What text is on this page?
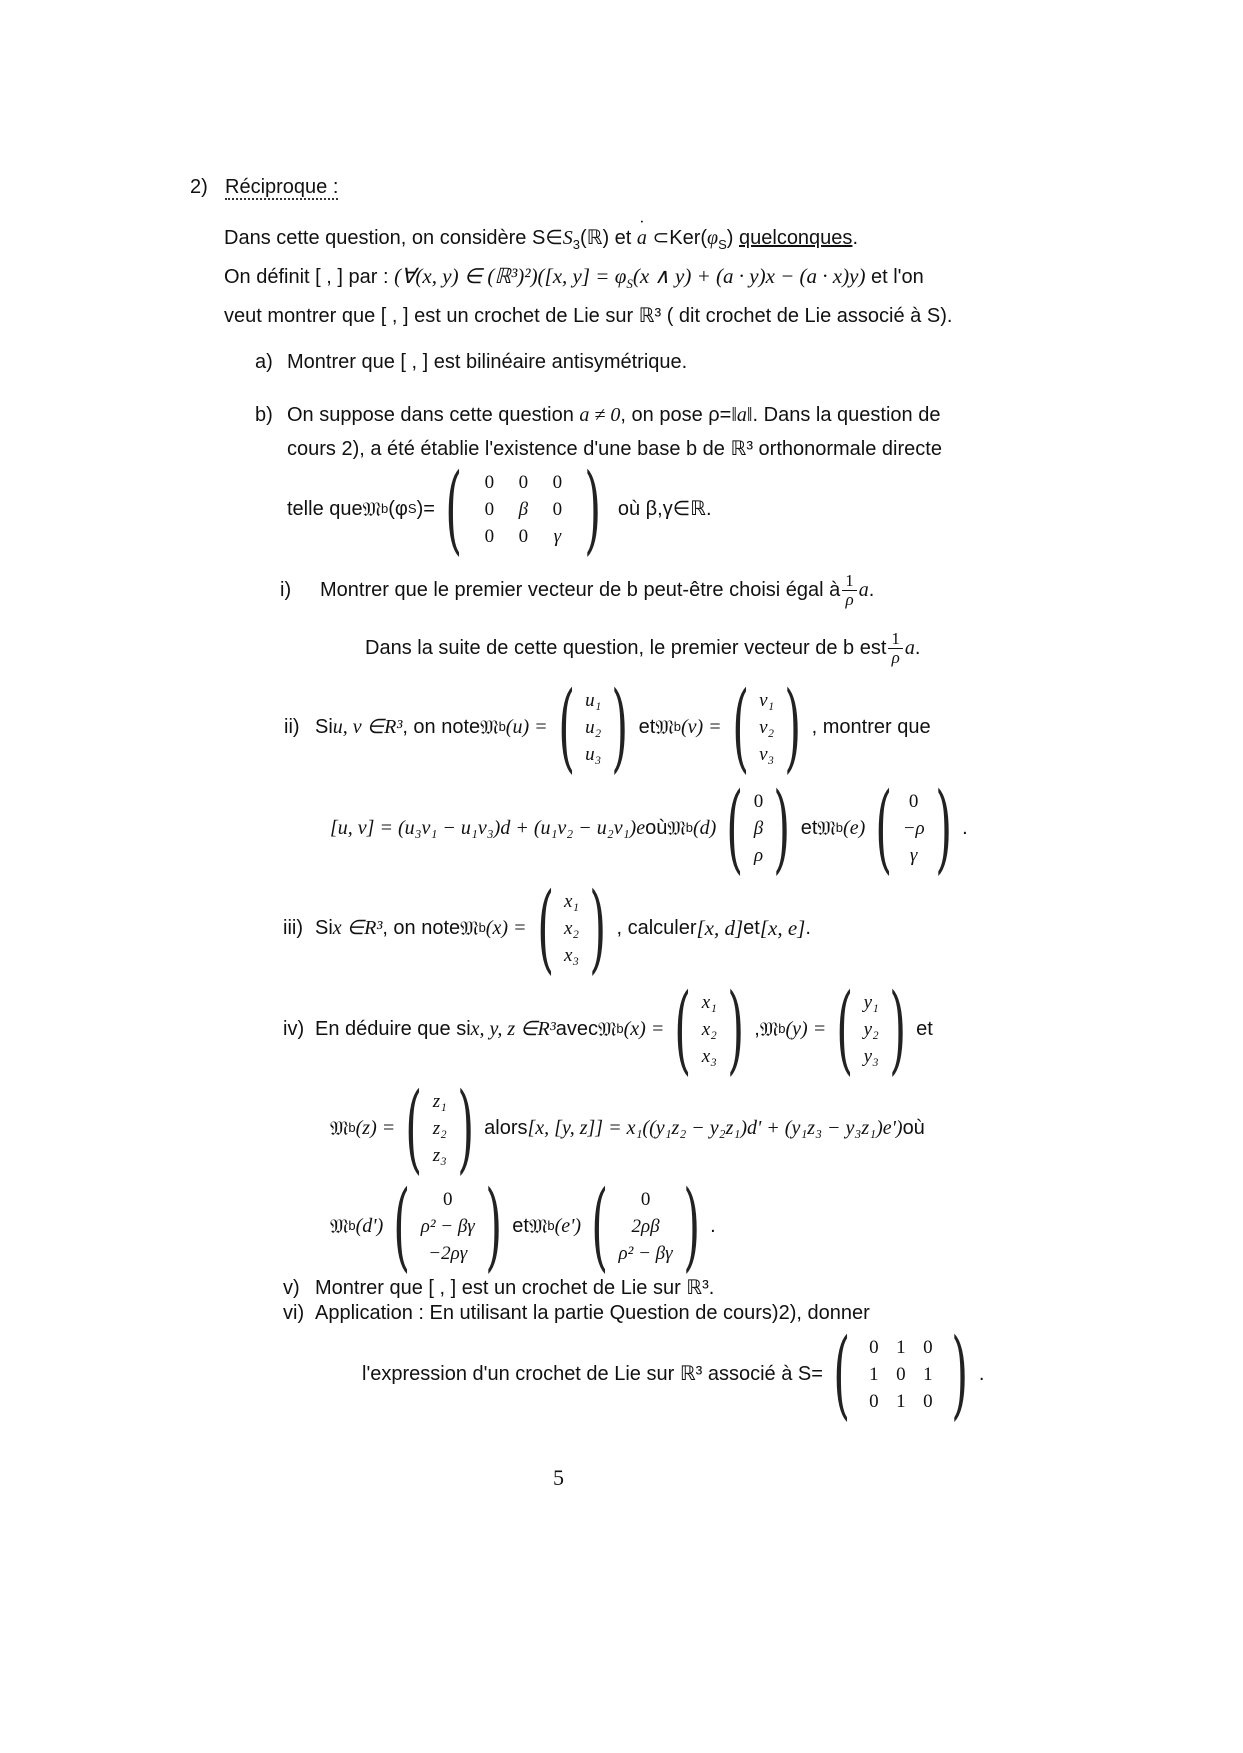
2) Réciproque :
Dans cette question, on considère $S\in S_3(ℝ)$ et · a $\subset Ker(\varphi_S)$ quelconques.
On définit [ , ] par : (∀(x, y) ∈ (ℝ³)²)([x, $y] = \varphi_S(x$ ∧ y) + (a · y)x − (a · x)y) et l'on
veut montrer que [ , ] est un crochet de Lie sur ℝ³ ( dit crochet de Lie associé à S).
a) Montrer que [ , ] est bilinéaire antisymétrique.
b) On suppose dans cette question a ≠ 0, on pose ρ=‖a‖. Dans la question de
cours 2), a été établie l'existence d'une base b de ℝ³ orthonormale directe
telle que 𝔐 b (φ S )= (	0	0	0
0	β	0
0	0	γ ) où β,γ∈ℝ.
i) Montrer que le premier vecteur de b peut-être choisi égal à $\frac{1}{\rho}$ a .
Dans la suite de cette question, le premier vecteur de b est $\frac{1}{\rho}$ a .
ii) Si u, v ∈R³ , on note 𝔐 b (u) = ( u₁
u₂
u₃ ) et 𝔐 b (v) = ( v₁
v₂
v₃ ) , montrer que
[u, v] = (u₃v₁ − u₁v₃)d + (u₁v₂ − u₂v₁)e où 𝔐 b (d) ( 0
β
ρ ) et 𝔐 b (e) ( 0
−ρ
γ ) .
iii) Si x ∈R³ , on note 𝔐 b (x) = ( x₁
x₂
x₃ ) , calculer [x, d] et [x, e] .
iv) En déduire que si x, y, z ∈R³ avec 𝔐 b (x) = ( x₁
x₂
x₃ ) , 𝔐 b (y) = ( y₁
y₂
y₃ ) et
𝔐 b (z) = ( z₁
z₂
z₃ ) alors [x, [y, z]] = x₁((y₁z₂ − y₂z₁)d' + (y₁z₃ − y₃z₁)e') où
𝔐 b (d') ( 0
ρ² − βγ
−2ργ ) et 𝔐 b (e') ( 0
2ρβ
ρ² − βγ ) .
v) Montrer que [ , ] est un crochet de Lie sur ℝ³.
vi) Application : En utilisant la partie Question de cours)2), donner
l'expression d'un crochet de Lie sur ℝ³ associé à S= (	0 1 0
1 0 1
0 1 0 ) .
5
